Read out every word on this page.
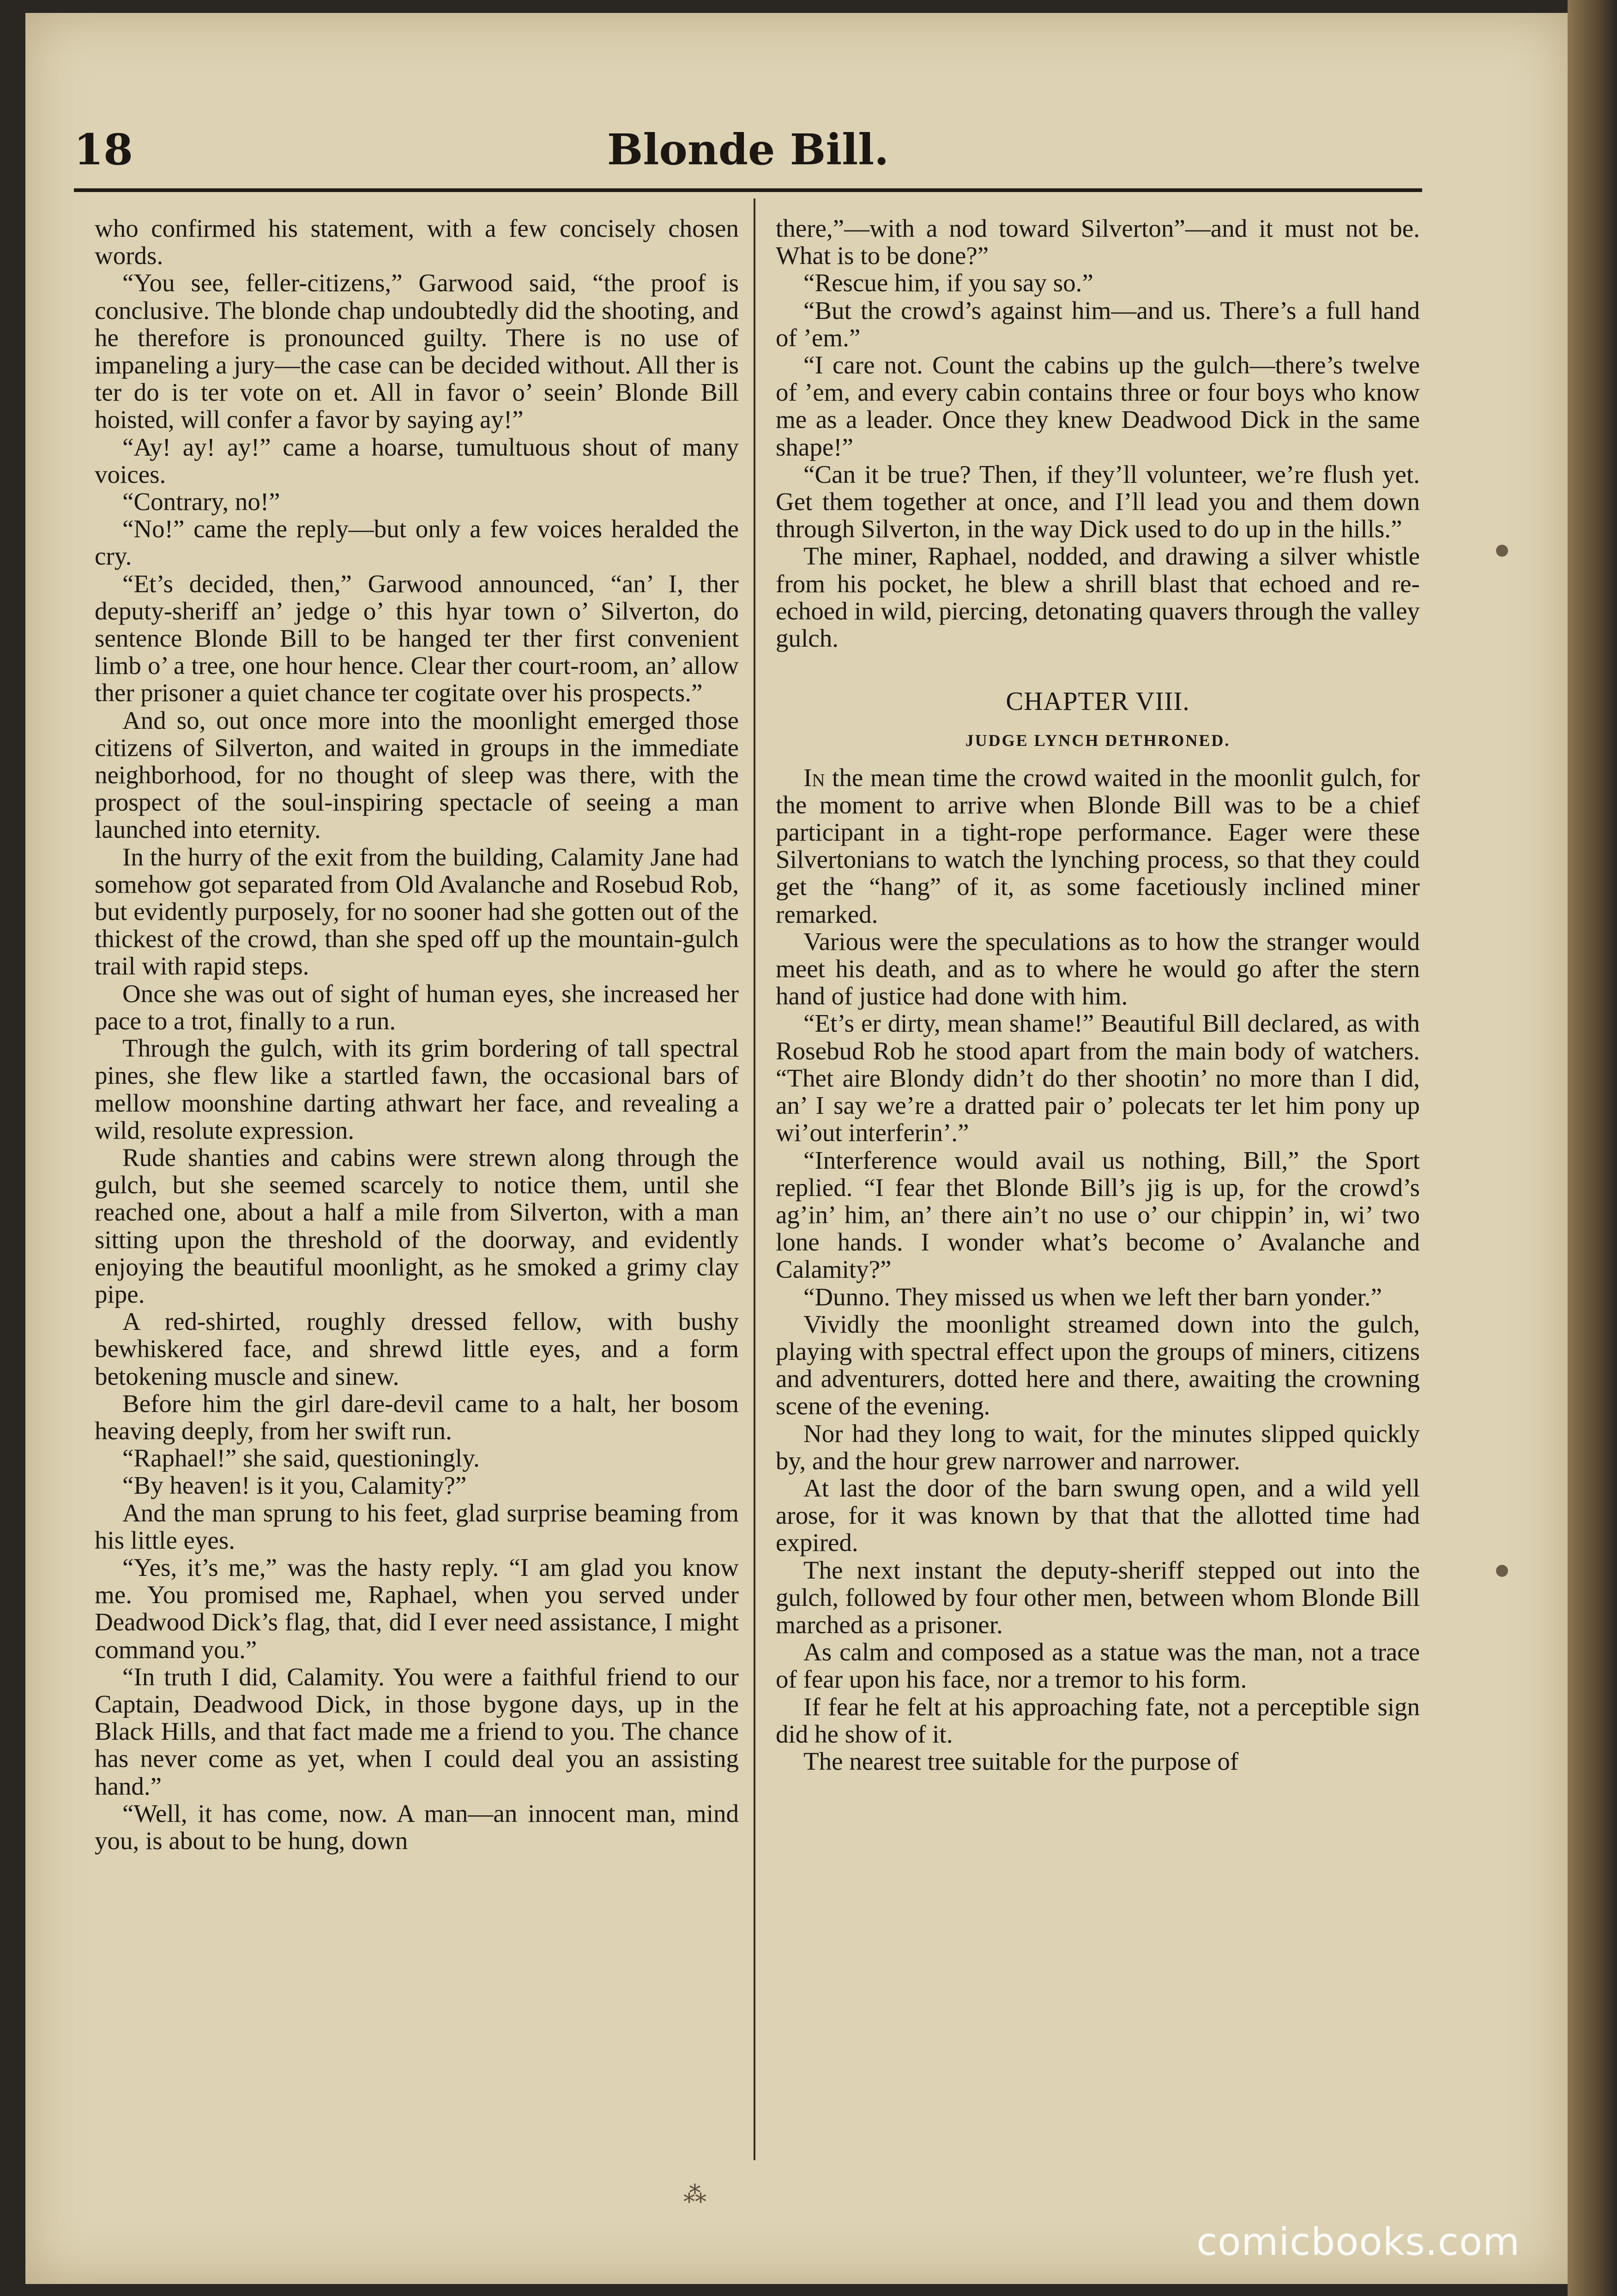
Blonde Bill.
18

who confirmed his statement, with a few concisely chosen words.

“You see, feller-citizens,” Garwood said, “the proof is conclusive. The blonde chap undoubtedly did the shooting, and he therefore is pronounced guilty. There is no use of impaneling a jury—the case can be decided without. All ther is ter do is ter vote on et. All in favor o’ seein’ Blonde Bill hoisted, will confer a favor by saying ay!”

“Ay! ay! ay!” came a hoarse, tumultuous shout of many voices.

“Contrary, no!”

“No!” came the reply—but only a few voices heralded the cry.

“Et’s decided, then,” Garwood announced, “an’ I, ther deputy-sheriff an’ jedge o’ this hyar town o’ Silverton, do sentence Blonde Bill to be hanged ter ther first convenient limb o’ a tree, one hour hence. Clear ther court-room, an’ allow ther prisoner a quiet chance ter cogitate over his prospects.”

And so, out once more into the moonlight emerged those citizens of Silverton, and waited in groups in the immediate neighborhood, for no thought of sleep was there, with the prospect of the soul-inspiring spectacle of seeing a man launched into eternity.

In the hurry of the exit from the building, Calamity Jane had somehow got separated from Old Avalanche and Rosebud Rob, but evidently purposely, for no sooner had she gotten out of the thickest of the crowd, than she sped off up the mountain-gulch trail with rapid steps.

Once she was out of sight of human eyes, she increased her pace to a trot, finally to a run.

Through the gulch, with its grim bordering of tall spectral pines, she flew like a startled fawn, the occasional bars of mellow moonshine darting athwart her face, and revealing a wild, resolute expression.

Rude shanties and cabins were strewn along through the gulch, but she seemed scarcely to notice them, until she reached one, about a half a mile from Silverton, with a man sitting upon the threshold of the doorway, and evidently enjoying the beautiful moonlight, as he smoked a grimy clay pipe.

A red-shirted, roughly dressed fellow, with bushy bewhiskered face, and shrewd little eyes, and a form betokening muscle and sinew.

Before him the girl dare-devil came to a halt, her bosom heaving deeply, from her swift run.

“Raphael!” she said, questioningly.

“By heaven! is it you, Calamity?”

And the man sprung to his feet, glad surprise beaming from his little eyes.

“Yes, it’s me,” was the hasty reply. “I am glad you know me. You promised me, Raphael, when you served under Deadwood Dick’s flag, that, did I ever need assistance, I might command you.”

“In truth I did, Calamity. You were a faithful friend to our Captain, Deadwood Dick, in those bygone days, up in the Black Hills, and that fact made me a friend to you. The chance has never come as yet, when I could deal you an assisting hand.”

“Well, it has come, now. A man—an innocent man, mind you, is about to be hung, down

there,”—with a nod toward Silverton”—and it must not be. What is to be done?”

“Rescue him, if you say so.”

“But the crowd’s against him—and us. There’s a full hand of ’em.”

“I care not. Count the cabins up the gulch—there’s twelve of ’em, and every cabin contains three or four boys who know me as a leader. Once they knew Deadwood Dick in the same shape!”

“Can it be true? Then, if they’ll volunteer, we’re flush yet. Get them together at once, and I’ll lead you and them down through Silverton, in the way Dick used to do up in the hills.”

The miner, Raphael, nodded, and drawing a silver whistle from his pocket, he blew a shrill blast that echoed and re-echoed in wild, piercing, detonating quavers through the valley gulch.

CHAPTER VIII.
JUDGE LYNCH DETHRONED.

In the mean time the crowd waited in the moonlit gulch, for the moment to arrive when Blonde Bill was to be a chief participant in a tight-rope performance. Eager were these Silvertonians to watch the lynching process, so that they could get the “hang” of it, as some facetiously inclined miner remarked.

Various were the speculations as to how the stranger would meet his death, and as to where he would go after the stern hand of justice had done with him.

“Et’s er dirty, mean shame!” Beautiful Bill declared, as with Rosebud Rob he stood apart from the main body of watchers. “Thet aire Blondy didn’t do ther shootin’ no more than I did, an’ I say we’re a dratted pair o’ polecats ter let him pony up wi’out interferin’.”

“Interference would avail us nothing, Bill,” the Sport replied. “I fear thet Blonde Bill’s jig is up, for the crowd’s ag’in’ him, an’ there ain’t no use o’ our chippin’ in, wi’ two lone hands. I wonder what’s become o’ Avalanche and Calamity?”

“Dunno. They missed us when we left ther barn yonder.”

Vividly the moonlight streamed down into the gulch, playing with spectral effect upon the groups of miners, citizens and adventurers, dotted here and there, awaiting the crowning scene of the evening.

Nor had they long to wait, for the minutes slipped quickly by, and the hour grew narrower and narrower.

At last the door of the barn swung open, and a wild yell arose, for it was known by that that the allotted time had expired.

The next instant the deputy-sheriff stepped out into the gulch, followed by four other men, between whom Blonde Bill marched as a prisoner.

As calm and composed as a statue was the man, not a trace of fear upon his face, nor a tremor to his form.

If fear he felt at his approaching fate, not a perceptible sign did he show of it.

The nearest tree suitable for the purpose of

⁂
comicbooks.com
